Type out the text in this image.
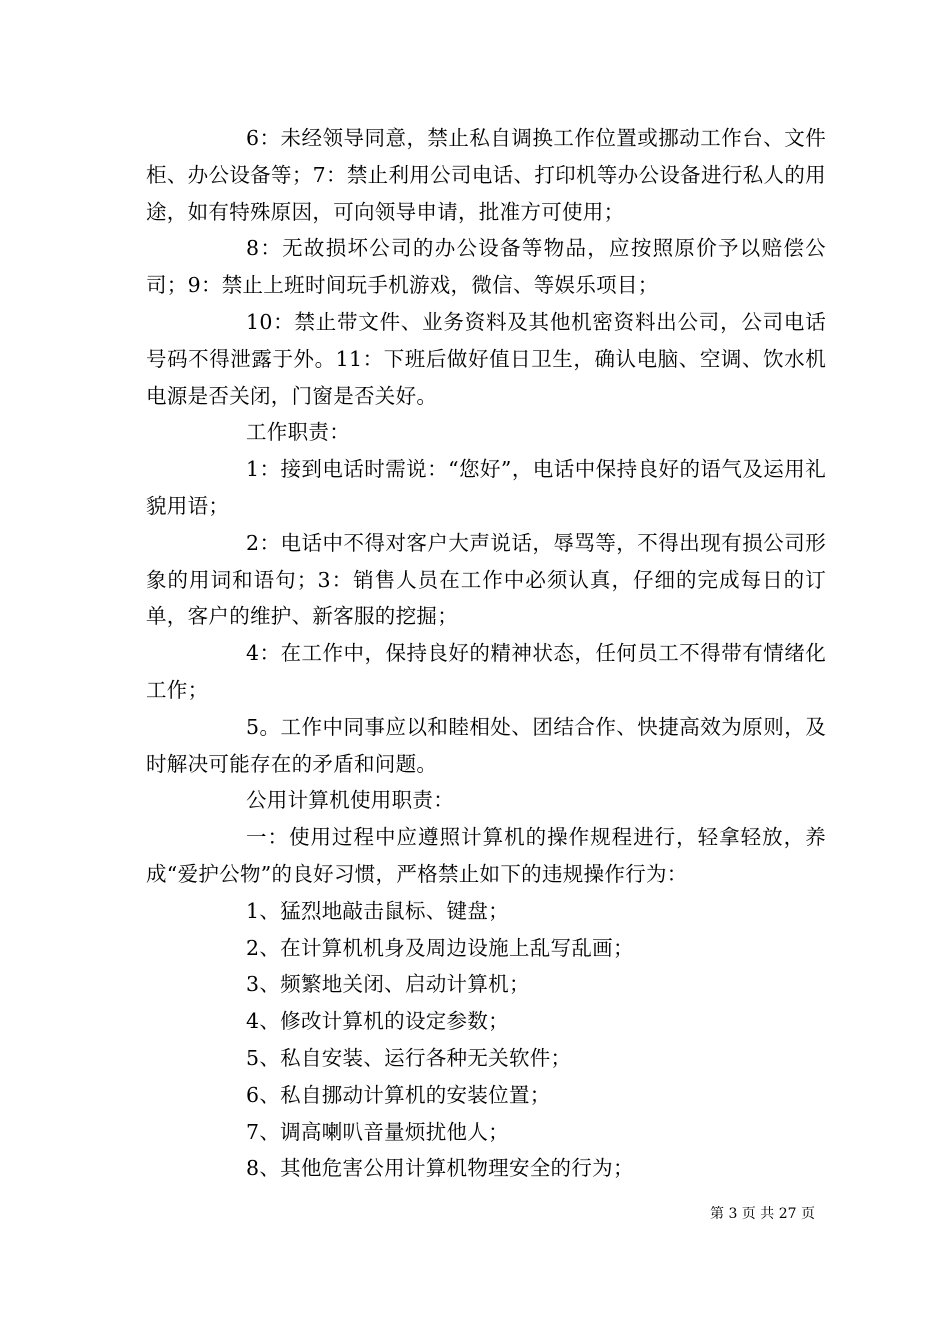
6：未经领导同意，禁止私自调换工作位置或挪动工作台、文件柜、办公设备等；7：禁止利用公司电话、打印机等办公设备进行私人的用途，如有特殊原因，可向领导申请，批准方可使用；

8：无故损坏公司的办公设备等物品，应按照原价予以赔偿公司；9：禁止上班时间玩手机游戏，微信、等娱乐项目；

10：禁止带文件、业务资料及其他机密资料出公司，公司电话号码不得泄露于外。11：下班后做好值日卫生，确认电脑、空调、饮水机电源是否关闭，门窗是否关好。

工作职责：

1：接到电话时需说：“您好”，电话中保持良好的语气及运用礼貌用语；

2：电话中不得对客户大声说话，辱骂等，不得出现有损公司形象的用词和语句；3：销售人员在工作中必须认真，仔细的完成每日的订单，客户的维护、新客服的挖掘；

4：在工作中，保持良好的精神状态，任何员工不得带有情绪化工作；

5。工作中同事应以和睦相处、团结合作、快捷高效为原则，及时解决可能存在的矛盾和问题。

公用计算机使用职责：

一：使用过程中应遵照计算机的操作规程进行，轻拿轻放，养成“爱护公物”的良好习惯，严格禁止如下的违规操作行为：

1、猛烈地敲击鼠标、键盘；

2、在计算机机身及周边设施上乱写乱画；

3、频繁地关闭、启动计算机；

4、修改计算机的设定参数；

5、私自安装、运行各种无关软件；

6、私自挪动计算机的安装位置；

7、调高喇叭音量烦扰他人；

8、其他危害公用计算机物理安全的行为；

第 3 页 共 27 页
